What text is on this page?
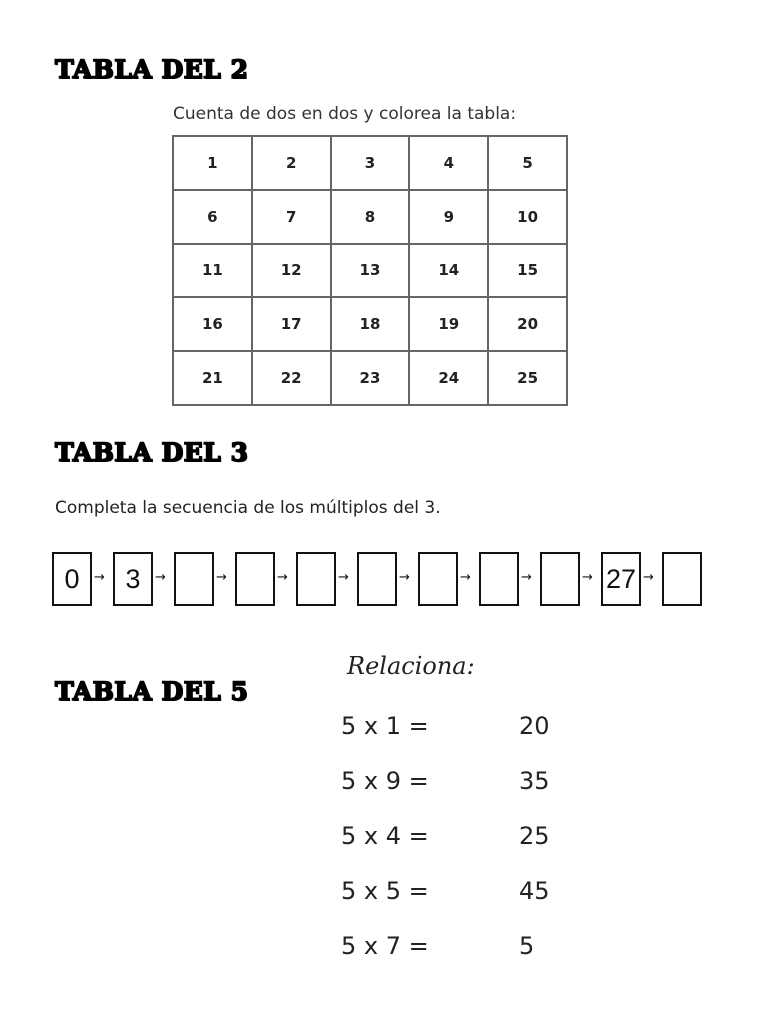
TABLA DEL 2

Cuenta de dos en dos y colorea la tabla:

1	2	3	4	5
6	7	8	9	10
11	12	13	14	15
16	17	18	19	20
21	22	23	24	25
TABLA DEL 3

Completa la secuencia de los múltiplos del 3.

0	→ 3	→	→	→	→	→	→	→	→ 27 →
TABLA DEL 5

Relaciona:

5 x 1 =	20
5 x 9 =	35
5 x 4 =	25
5 x 5 =	45
5 x 7 =	5
